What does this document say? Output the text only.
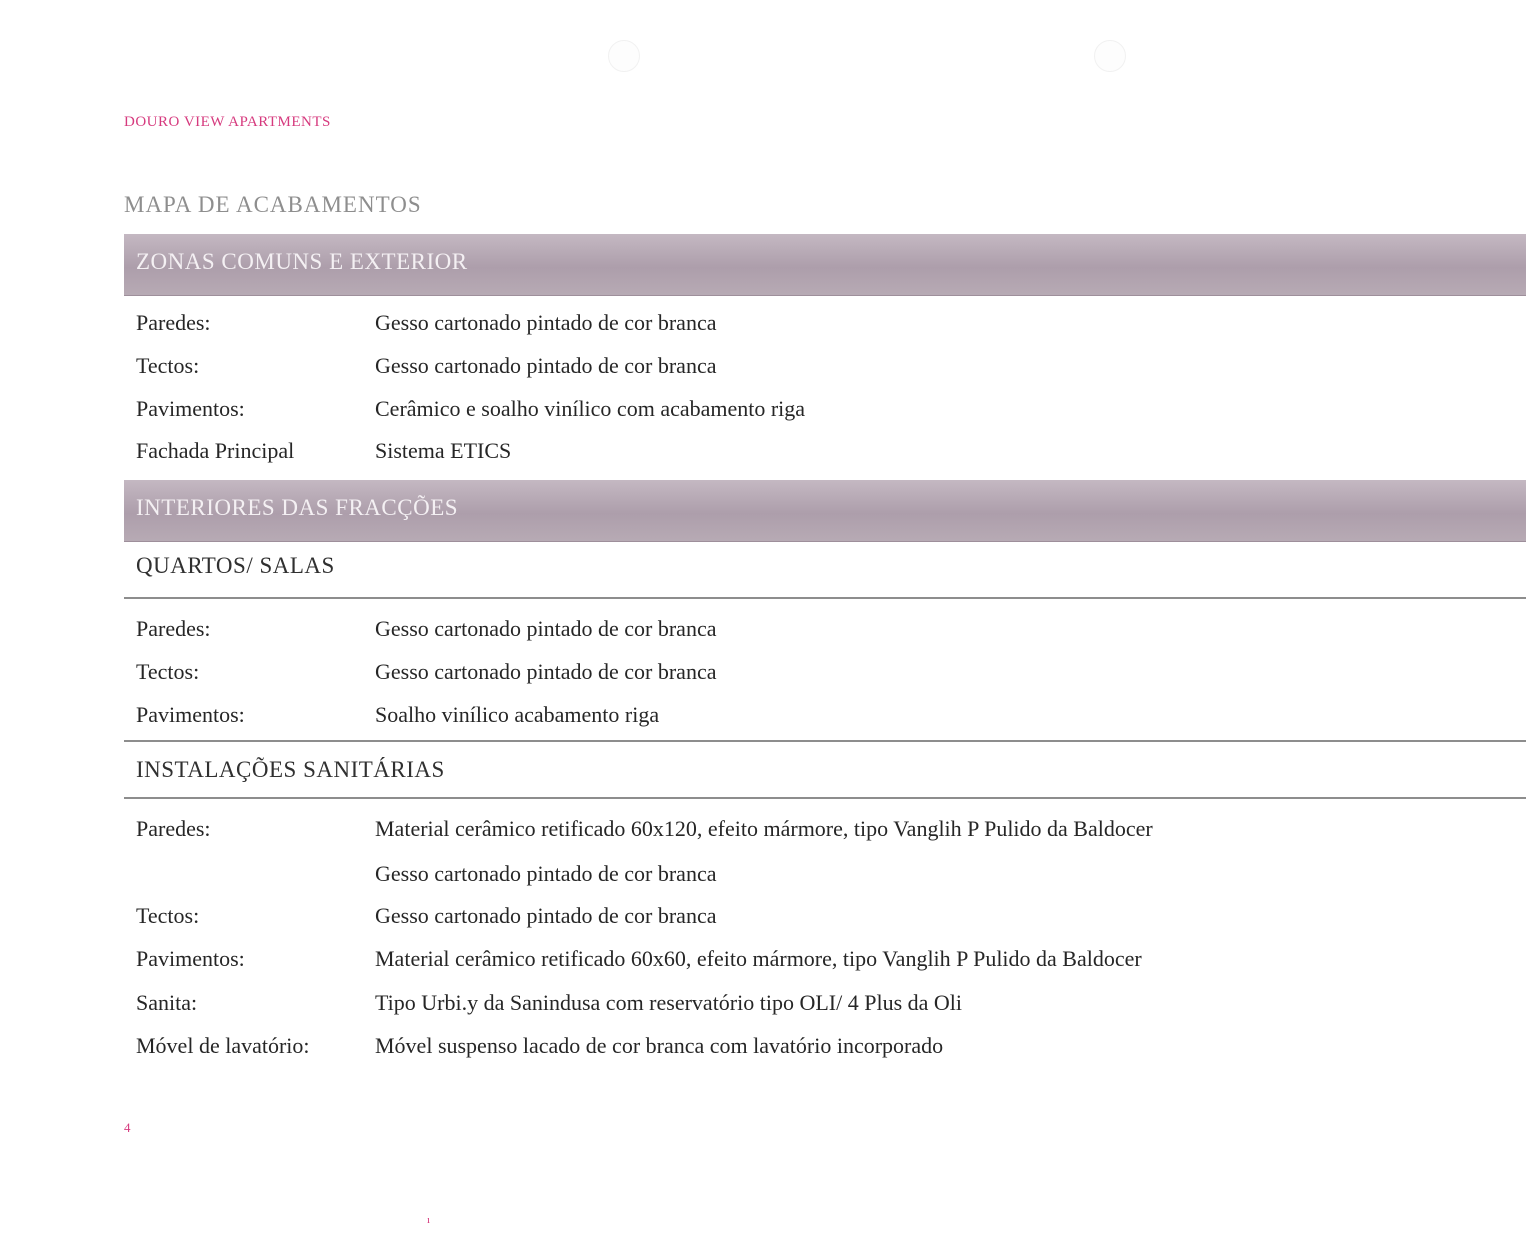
DOURO VIEW APARTMENTS
MAPA DE ACABAMENTOS
ZONAS COMUNS E EXTERIOR
Paredes:	Gesso cartonado pintado de cor branca
Tectos:	Gesso cartonado pintado de cor branca
Pavimentos:	Cerâmico e soalho vinílico com acabamento riga
Fachada Principal	Sistema ETICS
INTERIORES DAS FRACÇÕES
QUARTOS/ SALAS
Paredes:	Gesso cartonado pintado de cor branca
Tectos:	Gesso cartonado pintado de cor branca
Pavimentos:	Soalho vinílico acabamento riga
INSTALAÇÕES SANITÁRIAS
Paredes:	Material cerâmico retificado 60x120, efeito mármore, tipo Vanglih P Pulido da Baldocer
Gesso cartonado pintado de cor branca
Tectos:	Gesso cartonado pintado de cor branca
Pavimentos:	Material cerâmico retificado 60x60, efeito mármore, tipo Vanglih P Pulido da Baldocer
Sanita:	Tipo Urbi.y da Sanindusa com reservatório tipo OLI/ 4 Plus da Oli
Móvel de lavatório:	Móvel suspenso lacado de cor branca com lavatório incorporado
4
ı
